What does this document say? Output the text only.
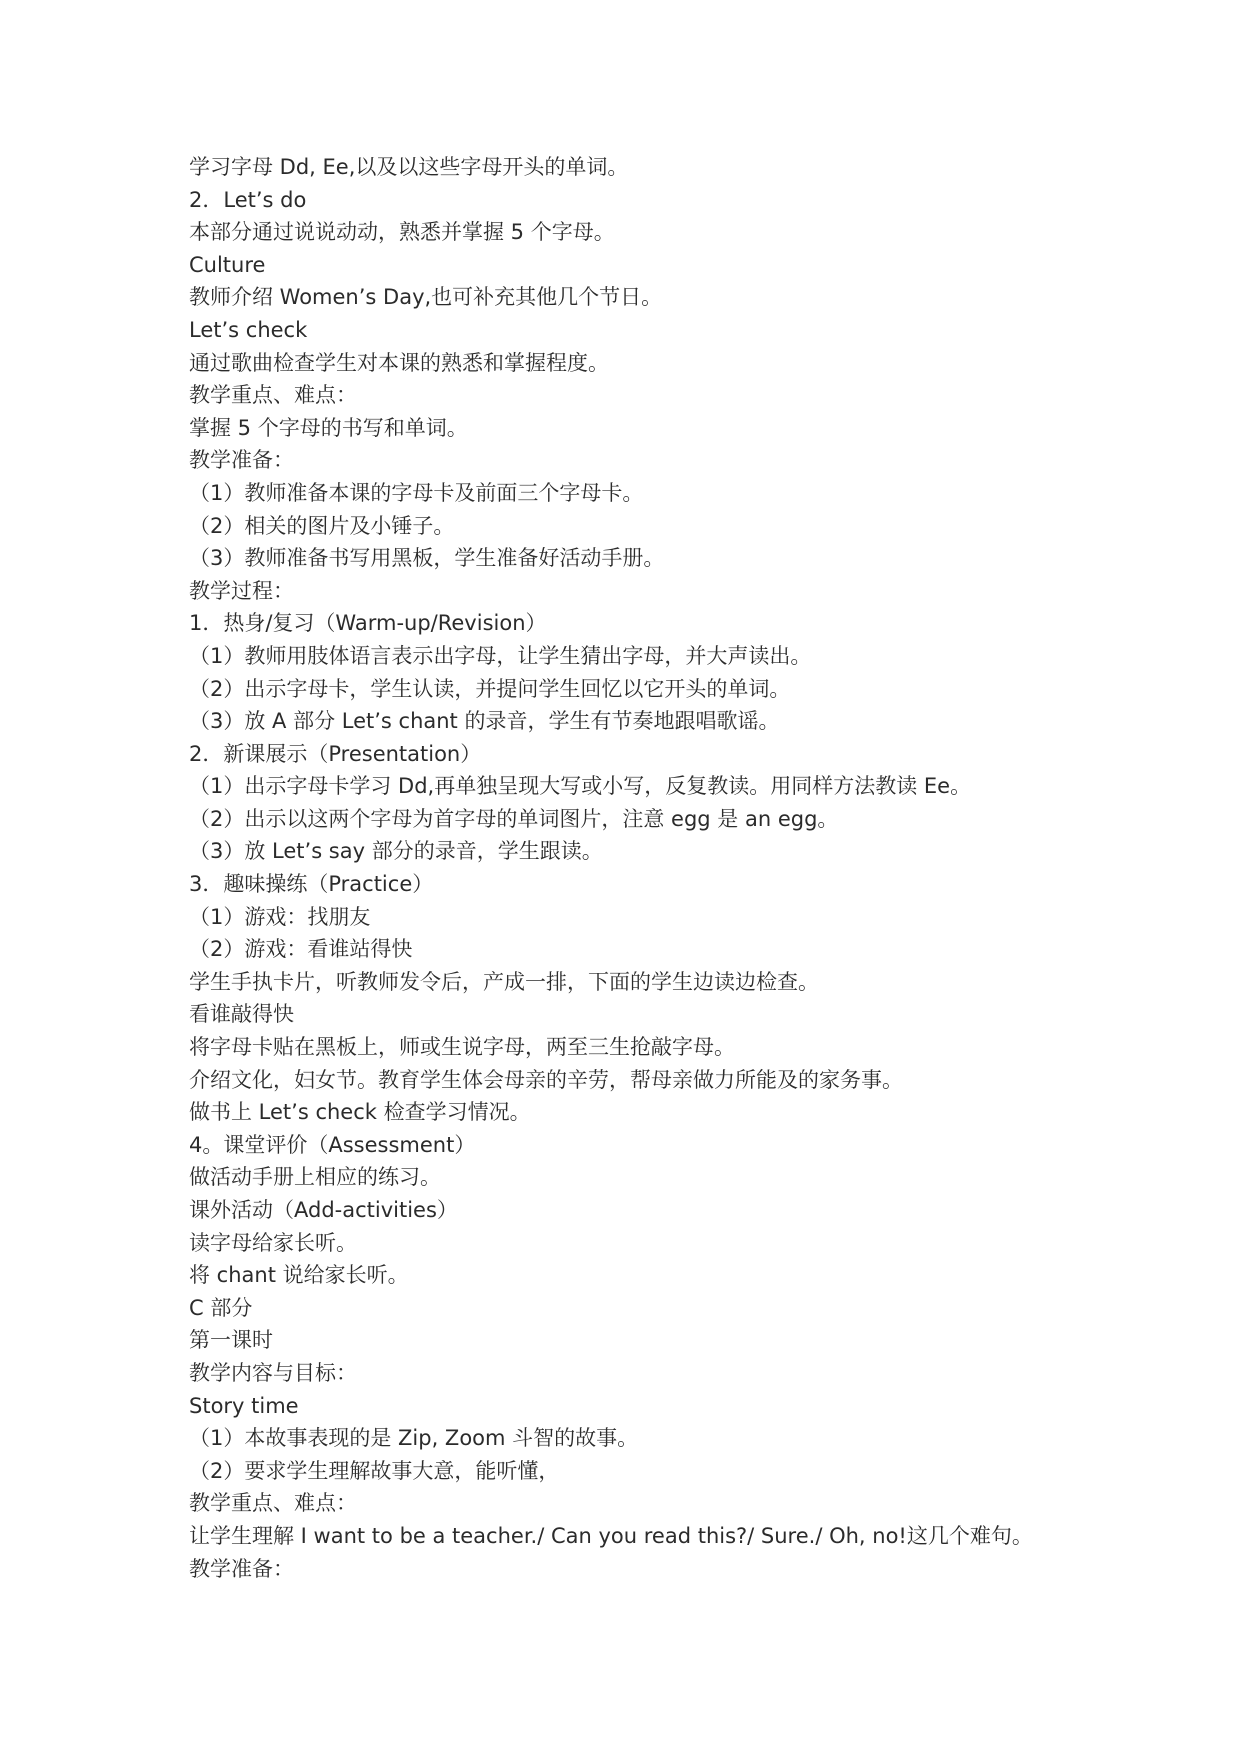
学习字母 Dd, Ee,以及以这些字母开头的单词。
2．Let’s do
本部分通过说说动动，熟悉并掌握 5 个字母。
Culture
教师介绍 Women’s Day,也可补充其他几个节日。
Let’s check
通过歌曲检查学生对本课的熟悉和掌握程度。
教学重点、难点：
掌握 5 个字母的书写和单词。
教学准备：
（1）教师准备本课的字母卡及前面三个字母卡。
（2）相关的图片及小锤子。
（3）教师准备书写用黑板，学生准备好活动手册。
教学过程：
1．热身/复习（Warm-up/Revision）
（1）教师用肢体语言表示出字母，让学生猜出字母，并大声读出。
（2）出示字母卡，学生认读，并提问学生回忆以它开头的单词。
（3）放 A 部分 Let’s chant 的录音，学生有节奏地跟唱歌谣。
2．新课展示（Presentation）
（1）出示字母卡学习 Dd,再单独呈现大写或小写，反复教读。用同样方法教读 Ee。
（2）出示以这两个字母为首字母的单词图片，注意 egg 是 an egg。
（3）放 Let’s say 部分的录音，学生跟读。
3．趣味操练（Practice）
（1）游戏：找朋友
（2）游戏：看谁站得快
学生手执卡片，听教师发令后，产成一排，下面的学生边读边检查。
看谁敲得快
将字母卡贴在黑板上，师或生说字母，两至三生抢敲字母。
介绍文化，妇女节。教育学生体会母亲的辛劳，帮母亲做力所能及的家务事。
做书上 Let’s check 检查学习情况。
4。课堂评价（Assessment）
做活动手册上相应的练习。
课外活动（Add-activities）
读字母给家长听。
将 chant 说给家长听。
C 部分
第一课时
教学内容与目标：
Story time
（1）本故事表现的是 Zip, Zoom 斗智的故事。
（2）要求学生理解故事大意，能听懂，
教学重点、难点：
让学生理解 I want to be a teacher./ Can you read this?/ Sure./ Oh, no!这几个难句。
教学准备：
